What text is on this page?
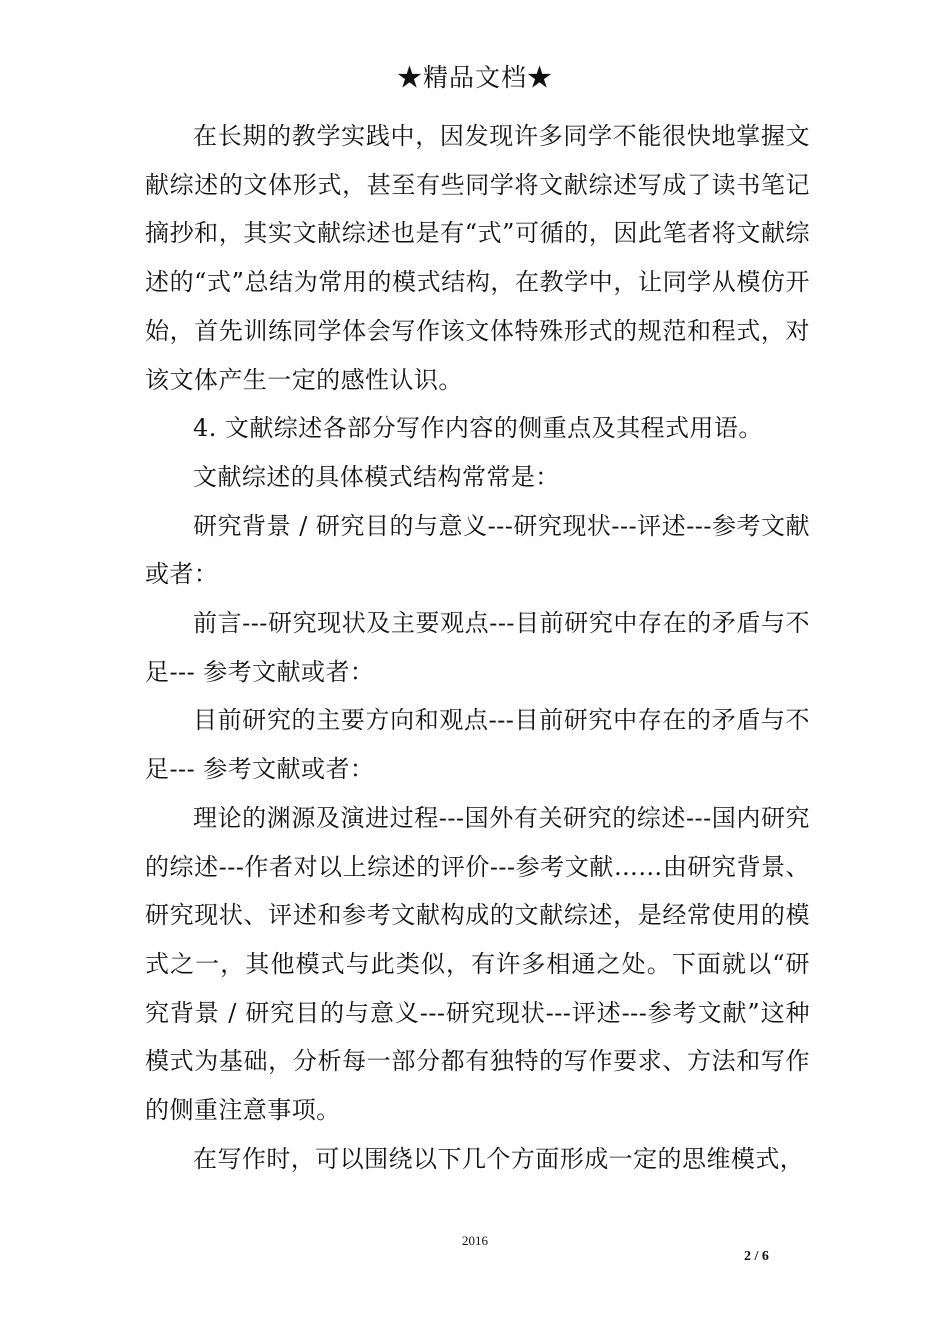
★精品文档★

在长期的教学实践中，因发现许多同学不能很快地掌握文献综述的文体形式，甚至有些同学将文献综述写成了读书笔记摘抄和，其实文献综述也是有“式”可循的，因此笔者将文献综述的“式”总结为常用的模式结构，在教学中，让同学从模仿开始，首先训练同学体会写作该文体特殊形式的规范和程式，对该文体产生一定的感性认识。

4. 文献综述各部分写作内容的侧重点及其程式用语。

文献综述的具体模式结构常常是：

研究背景 / 研究目的与意义---研究现状---评述---参考文献或者：

前言---研究现状及主要观点---目前研究中存在的矛盾与不足--- 参考文献或者：

目前研究的主要方向和观点---目前研究中存在的矛盾与不足--- 参考文献或者：

理论的渊源及演进过程---国外有关研究的综述---国内研究的综述---作者对以上综述的评价---参考文献……由研究背景、研究现状、评述和参考文献构成的文献综述，是经常使用的模式之一，其他模式与此类似，有许多相通之处。下面就以“研究背景 / 研究目的与意义---研究现状---评述---参考文献”这种模式为基础，分析每一部分都有独特的写作要求、方法和写作的侧重注意事项。

在写作时，可以围绕以下几个方面形成一定的思维模式，

2016
2 / 6
